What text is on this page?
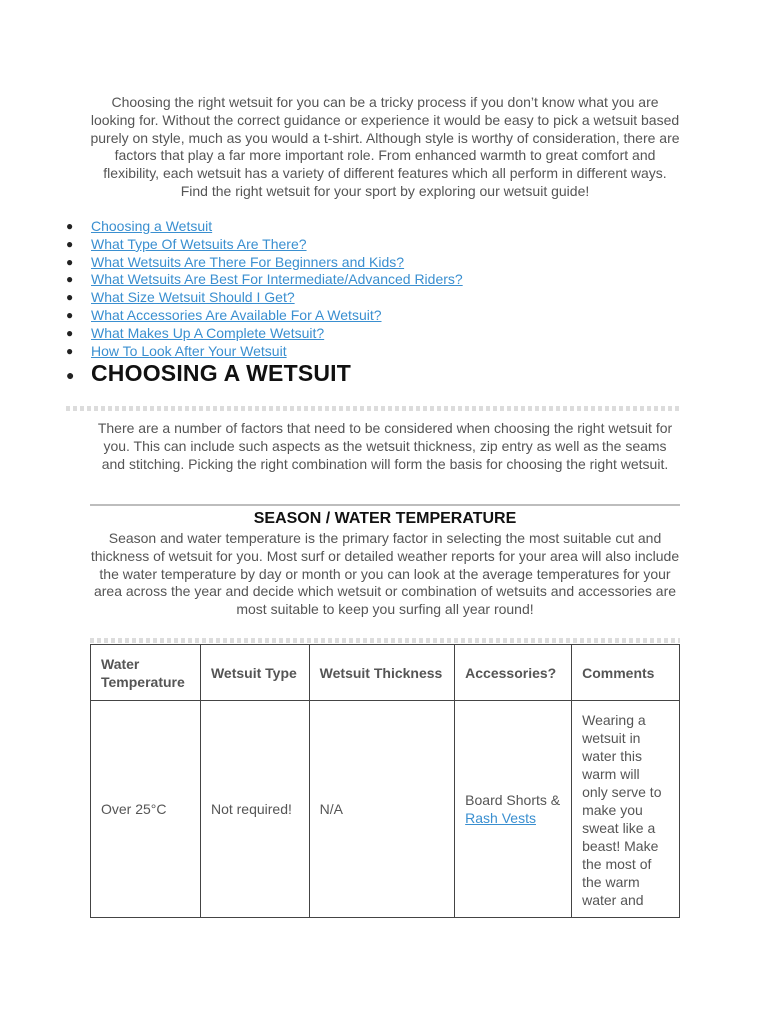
Choosing the right wetsuit for you can be a tricky process if you don’t know what you are looking for. Without the correct guidance or experience it would be easy to pick a wetsuit based purely on style, much as you would a t-shirt. Although style is worthy of consideration, there are factors that play a far more important role. From enhanced warmth to great comfort and flexibility, each wetsuit has a variety of different features which all perform in different ways. Find the right wetsuit for your sport by exploring our wetsuit guide!

● Choosing a Wetsuit
● What Type Of Wetsuits Are There?
● What Wetsuits Are There For Beginners and Kids?
● What Wetsuits Are Best For Intermediate/Advanced Riders?
● What Size Wetsuit Should I Get?
● What Accessories Are Available For A Wetsuit?
● What Makes Up A Complete Wetsuit?
● How To Look After Your Wetsuit
● CHOOSING A WETSUIT

There are a number of factors that need to be considered when choosing the right wetsuit for you. This can include such aspects as the wetsuit thickness, zip entry as well as the seams and stitching. Picking the right combination will form the basis for choosing the right wetsuit.

SEASON / WATER TEMPERATURE

Season and water temperature is the primary factor in selecting the most suitable cut and thickness of wetsuit for you. Most surf or detailed weather reports for your area will also include the water temperature by day or month or you can look at the average temperatures for your area across the year and decide which wetsuit or combination of wetsuits and accessories are most suitable to keep you surfing all year round!

Water Temperature	Wetsuit Type	Wetsuit Thickness	Accessories?	Comments
Over 25°C	Not required!	N/A	Board Shorts & Rash Vests	Wearing a wetsuit in water this warm will only serve to make you sweat like a beast! Make the most of the warm water and
